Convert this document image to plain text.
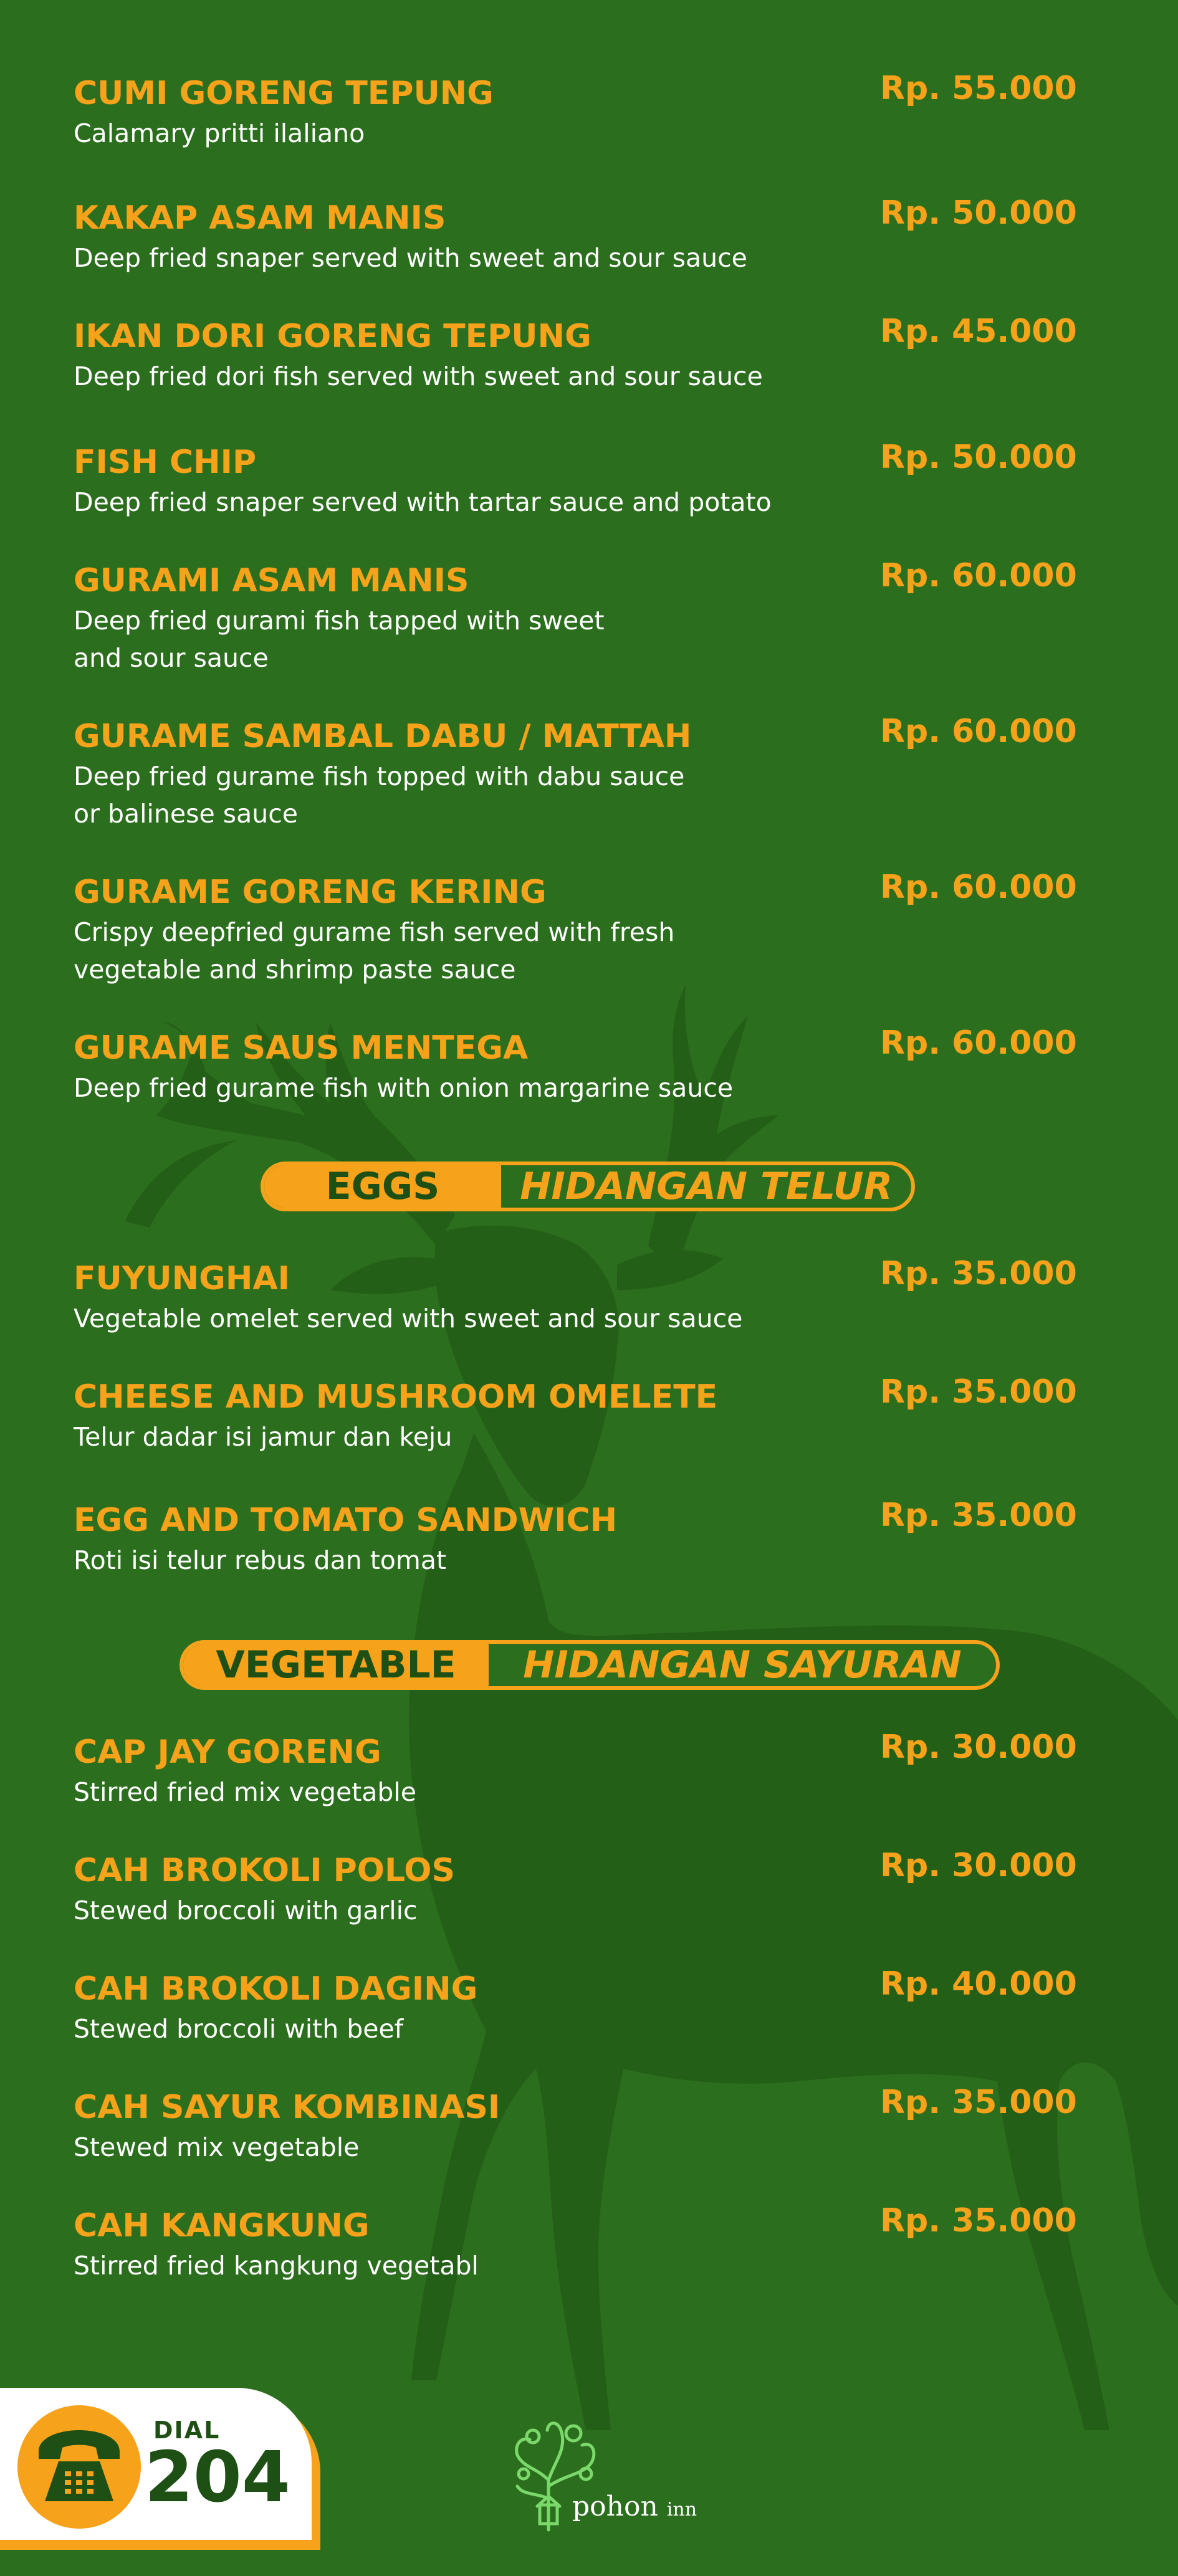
CUMI GORENG TEPUNG
Calamary pritti ilaliano
Rp. 55.000
KAKAP ASAM MANIS
Deep fried snaper served with sweet and sour sauce
Rp. 50.000
IKAN DORI GORENG TEPUNG
Deep fried dori fish served with sweet and sour sauce
Rp. 45.000
FISH CHIP
Deep fried snaper served with tartar sauce and potato
Rp. 50.000
GURAMI ASAM MANIS
Deep fried gurami fish tapped with sweet
and sour sauce
Rp. 60.000
GURAME SAMBAL DABU / MATTAH
Deep fried gurame fish topped with dabu sauce
or balinese sauce
Rp. 60.000
GURAME GORENG KERING
Crispy deepfried gurame fish served with fresh
vegetable and shrimp paste sauce
Rp. 60.000
GURAME SAUS MENTEGA
Deep fried gurame fish with onion margarine sauce
Rp. 60.000
EGGS	HIDANGAN TELUR
FUYUNGHAI
Vegetable omelet served with sweet and sour sauce
Rp. 35.000
CHEESE AND MUSHROOM OMELETE
Telur dadar isi jamur dan keju
Rp. 35.000
EGG AND TOMATO SANDWICH
Roti isi telur rebus dan tomat
Rp. 35.000
VEGETABLE	HIDANGAN SAYURAN
CAP JAY GORENG
Stirred fried mix vegetable
Rp. 30.000
CAH BROKOLI POLOS
Stewed broccoli with garlic
Rp. 30.000
CAH BROKOLI DAGING
Stewed broccoli with beef
Rp. 40.000
CAH SAYUR KOMBINASI
Stewed mix vegetable
Rp. 35.000
CAH KANGKUNG
Stirred fried kangkung vegetabl
Rp. 35.000
DIAL
204	pohon inn
